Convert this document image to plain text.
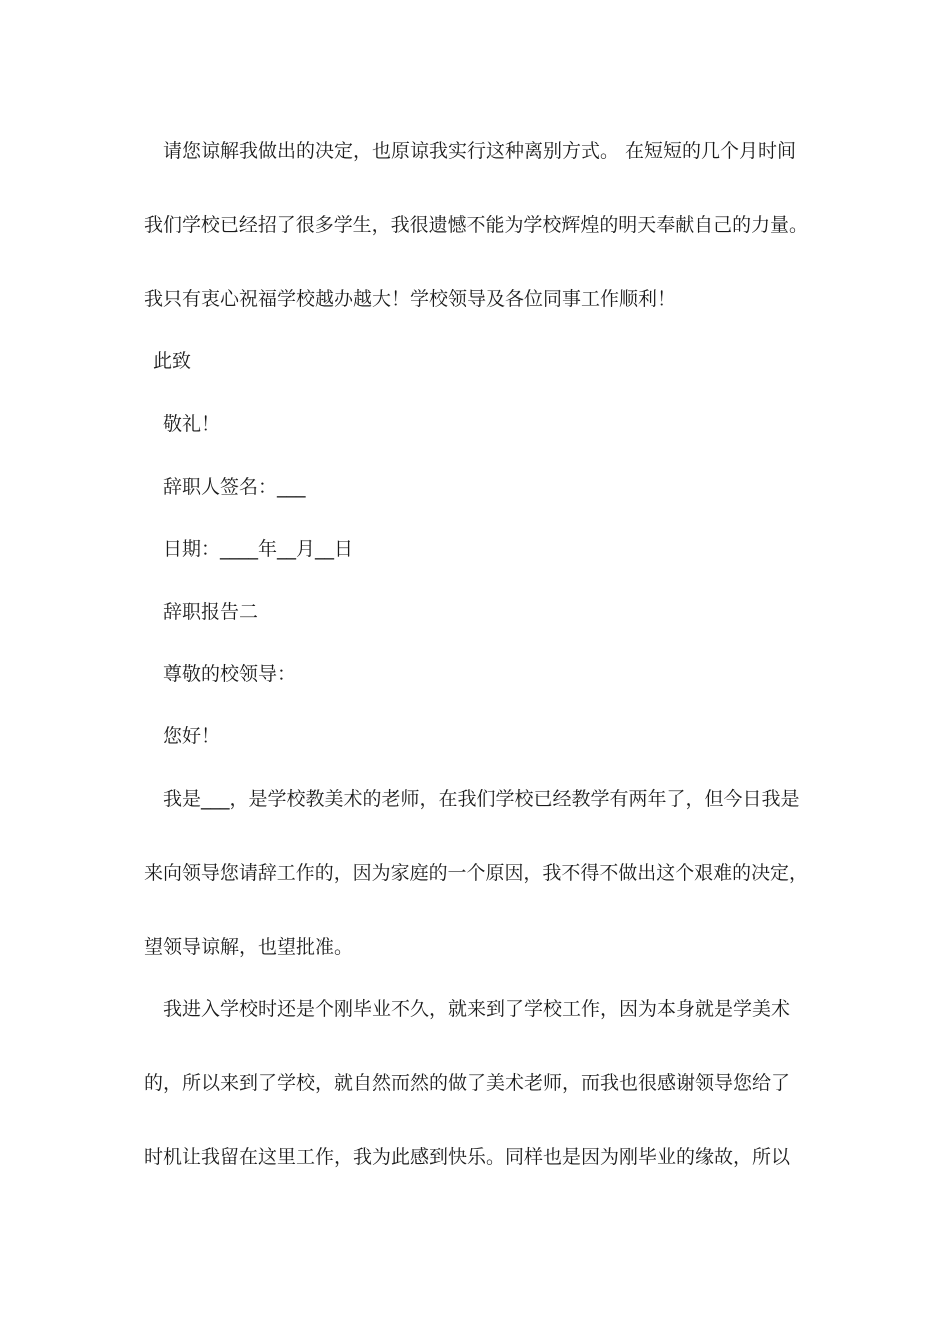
请您谅解我做出的决定，也原谅我实行这种离别方式。 在短短的几个月时间
我们学校已经招了很多学生，我很遗憾不能为学校辉煌的明天奉献自己的力量。
我只有衷心祝福学校越办越大！学校领导及各位同事工作顺利！
此致
敬礼！
辞职人签名：___
日期：____年__月__日
辞职报告二
尊敬的校领导：
您好！
我是___，是学校教美术的老师，在我们学校已经教学有两年了，但今日我是
来向领导您请辞工作的，因为家庭的一个原因，我不得不做出这个艰难的决定，
望领导谅解，也望批准。
我进入学校时还是个刚毕业不久，就来到了学校工作，因为本身就是学美术
的，所以来到了学校，就自然而然的做了美术老师，而我也很感谢领导您给了
时机让我留在这里工作，我为此感到快乐。同样也是因为刚毕业的缘故，所以
